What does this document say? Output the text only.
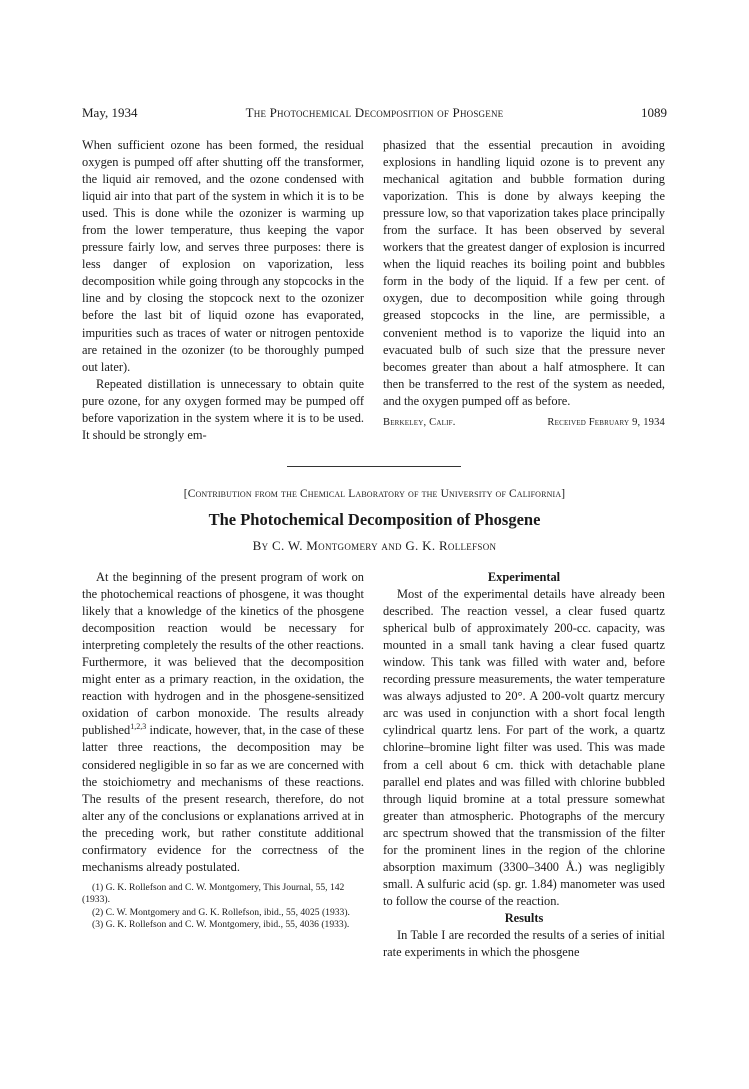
May, 1934	The Photochemical Decomposition of Phosgene	1089

When sufficient ozone has been formed, the residual oxygen is pumped off after shutting off the transformer, the liquid air removed, and the ozone condensed with liquid air into that part of the system in which it is to be used. This is done while the ozonizer is warming up from the lower temperature, thus keeping the vapor pressure fairly low, and serves three purposes: there is less danger of explosion on vaporization, less decomposition while going through any stopcocks in the line and by closing the stopcock next to the ozonizer before the last bit of liquid ozone has evaporated, impurities such as traces of water or nitrogen pentoxide are retained in the ozonizer (to be thoroughly pumped out later).

Repeated distillation is unnecessary to obtain quite pure ozone, for any oxygen formed may be pumped off before vaporization in the system where it is to be used. It should be strongly em-

phasized that the essential precaution in avoiding explosions in handling liquid ozone is to prevent any mechanical agitation and bubble formation during vaporization. This is done by always keeping the pressure low, so that vaporization takes place principally from the surface. It has been observed by several workers that the greatest danger of explosion is incurred when the liquid reaches its boiling point and bubbles form in the body of the liquid. If a few per cent. of oxygen, due to decomposition while going through greased stopcocks in the line, are permissible, a convenient method is to vaporize the liquid into an evacuated bulb of such size that the pressure never becomes greater than about a half atmosphere. It can then be transferred to the rest of the system as needed, and the oxygen pumped off as before.

Berkeley, Calif.	Received February 9, 1934
[Contribution from the Chemical Laboratory of the University of California]
The Photochemical Decomposition of Phosgene
By C. W. Montgomery and G. K. Rollefson

At the beginning of the present program of work on the photochemical reactions of phosgene, it was thought likely that a knowledge of the kinetics of the phosgene decomposition reaction would be necessary for interpreting completely the results of the other reactions. Furthermore, it was believed that the decomposition might enter as a primary reaction, in the oxidation, the reaction with hydrogen and in the phosgene-sensitized oxidation of carbon monoxide. The results already published$^{1,2,3}$ indicate, however, that, in the case of these latter three reactions, the decomposition may be considered negligible in so far as we are concerned with the stoichiometry and mechanisms of these reactions. The results of the present research, therefore, do not alter any of the conclusions or explanations arrived at in the preceding work, but rather constitute additional confirmatory evidence for the correctness of the mechanisms already postulated.

(1) G. K. Rollefson and C. W. Montgomery, This Journal, 55, 142 (1933).

(2) C. W. Montgomery and G. K. Rollefson, ibid., 55, 4025 (1933).

(3) G. K. Rollefson and C. W. Montgomery, ibid., 55, 4036 (1933).

Experimental

Most of the experimental details have already been described. The reaction vessel, a clear fused quartz spherical bulb of approximately 200-cc. capacity, was mounted in a small tank having a clear fused quartz window. This tank was filled with water and, before recording pressure measurements, the water temperature was always adjusted to 20°. A 200-volt quartz mercury arc was used in conjunction with a short focal length cylindrical quartz lens. For part of the work, a quartz chlorine–bromine light filter was used. This was made from a cell about 6 cm. thick with detachable plane parallel end plates and was filled with chlorine bubbled through liquid bromine at a total pressure somewhat greater than atmospheric. Photographs of the mercury arc spectrum showed that the transmission of the filter for the prominent lines in the region of the chlorine absorption maximum (3300–3400 Å.) was negligibly small. A sulfuric acid (sp. gr. 1.84) manometer was used to follow the course of the reaction.

Results

In Table I are recorded the results of a series of initial rate experiments in which the phosgene
